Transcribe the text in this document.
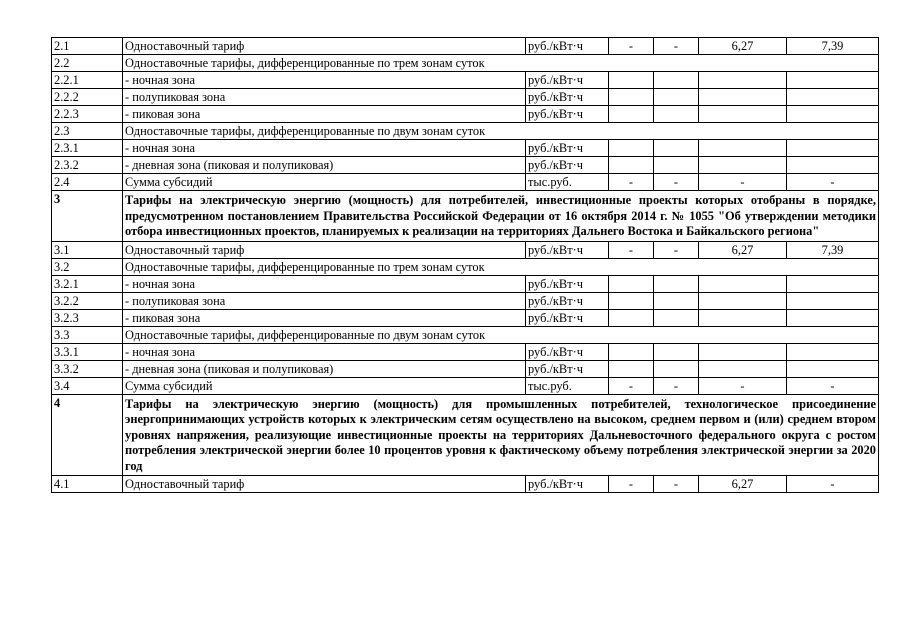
2.1	Одноставочный тариф	руб./кВт·ч	-	-	6,27	7,39
2.2	Одноставочные тарифы, дифференцированные по трем зонам суток					
2.2.1	- ночная зона	руб./кВт·ч				
2.2.2	- полупиковая зона	руб./кВт·ч				
2.2.3	- пиковая зона	руб./кВт·ч				
2.3	Одноставочные тарифы, дифференцированные по двум зонам суток					
2.3.1	- ночная зона	руб./кВт·ч				
2.3.2	- дневная зона (пиковая и полупиковая)	руб./кВт·ч				
2.4	Сумма субсидий	тыс.руб.	-	-	-	-
3	Тарифы на электрическую энергию (мощность) для потребителей, инвестиционные проекты которых отобраны в порядке, предусмотренном постановлением Правительства Российской Федерации от 16 октября 2014 г. № 1055 "Об утверждении методики отбора инвестиционных проектов, планируемых к реализации на территориях Дальнего Востока и Байкальского региона"					
3.1	Одноставочный тариф	руб./кВт·ч	-	-	6,27	7,39
3.2	Одноставочные тарифы, дифференцированные по трем зонам суток					
3.2.1	- ночная зона	руб./кВт·ч				
3.2.2	- полупиковая зона	руб./кВт·ч				
3.2.3	- пиковая зона	руб./кВт·ч				
3.3	Одноставочные тарифы, дифференцированные по двум зонам суток					
3.3.1	- ночная зона	руб./кВт·ч				
3.3.2	- дневная зона (пиковая и полупиковая)	руб./кВт·ч				
3.4	Сумма субсидий	тыс.руб.	-	-	-	-
4	Тарифы на электрическую энергию (мощность) для промышленных потребителей, технологическое присоединение энергопринимающих устройств которых к электрическим сетям осуществлено на высоком, среднем первом и (или) среднем втором уровнях напряжения, реализующие инвестиционные проекты на территориях Дальневосточного федерального округа с ростом потребления электрической энергии более 10 процентов уровня к фактическому объему потребления электрической энергии за 2020 год					
4.1	Одноставочный тариф	руб./кВт·ч	-	-	6,27	-
